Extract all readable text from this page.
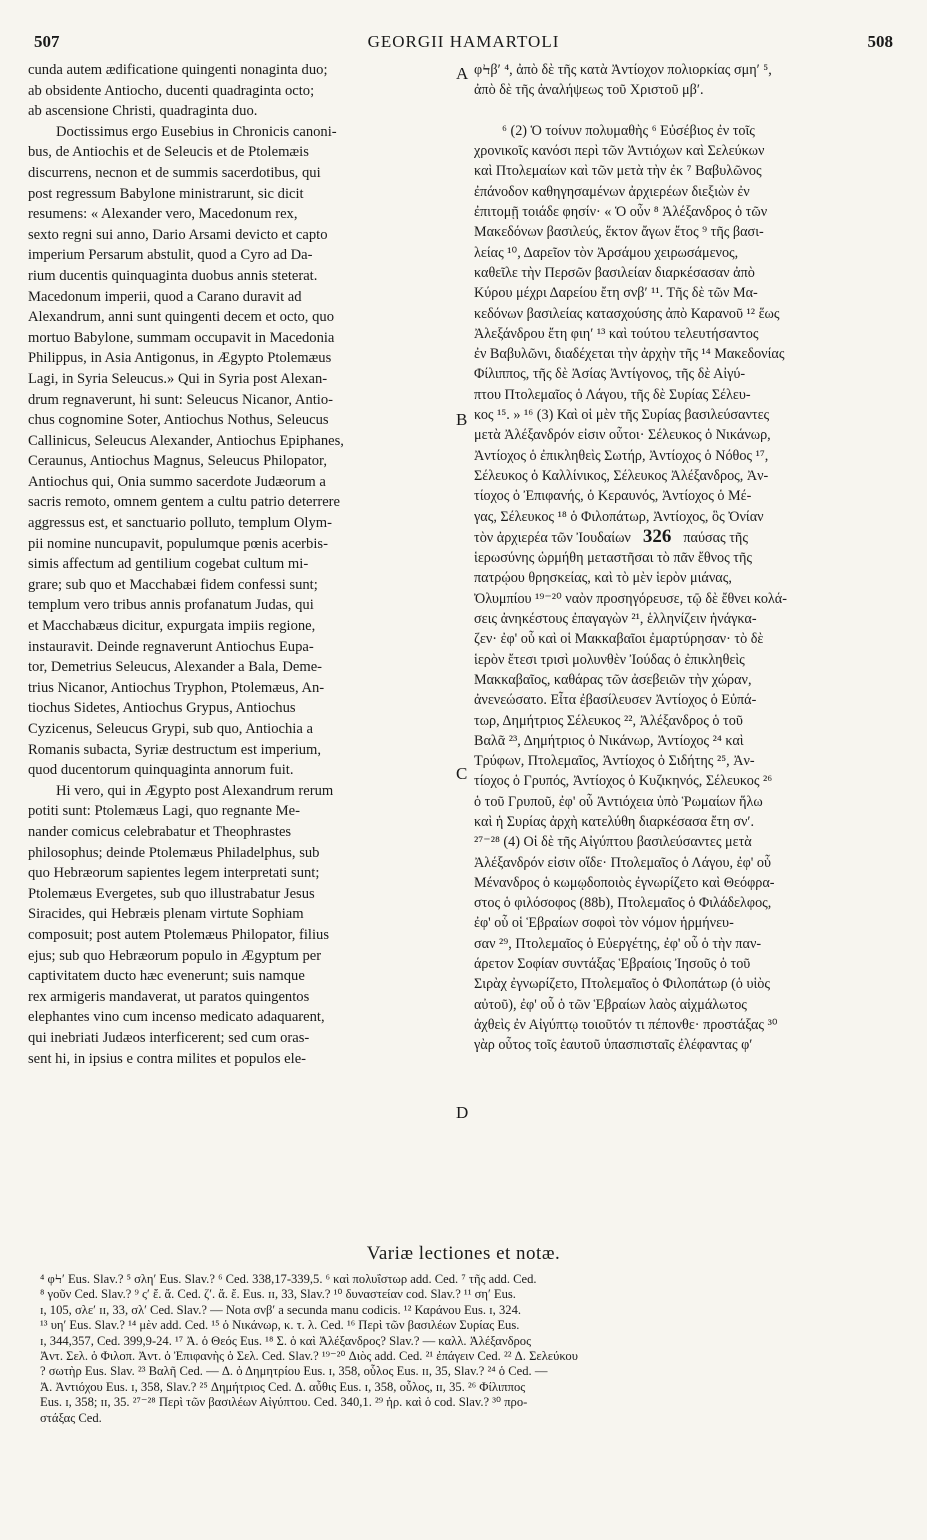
507	GEORGII HAMARTOLI	508
cunda autem ædificatione quingenti nonaginta duo;
ab obsidente Antiocho, ducenti quadraginta octo;
ab ascensione Christi, quadraginta duo.
Doctissimus ergo Eusebius in Chronicis canoni-
bus, de Antiochis et de Seleucis et de Ptolemæis
discurrens, necnon et de summis sacerdotibus, qui
post regressum Babylone ministrarunt, sic dicit
resumens: « Alexander vero, Macedonum rex,
sexto regni sui anno, Dario Arsami devicto et capto
imperium Persarum abstulit, quod a Cyro ad Da-
rium ducentis quinquaginta duobus annis steterat.
Macedonum imperii, quod a Carano duravit ad
Alexandrum, anni sunt quingenti decem et octo, quo
mortuo Babylone, summam occupavit in Macedonia
Philippus, in Asia Antigonus, in Ægypto Ptolemæus
Lagi, in Syria Seleucus.» Qui in Syria post Alexan-
drum regnaverunt, hi sunt: Seleucus Nicanor, Antio-
chus cognomine Soter, Antiochus Nothus, Seleucus
Callinicus, Seleucus Alexander, Antiochus Epiphanes,
Ceraunus, Antiochus Magnus, Seleucus Philopator,
Antiochus qui, Onia summo sacerdote Judæorum a
sacris remoto, omnem gentem a cultu patrio deterrere
aggressus est, et sanctuario polluto, templum Olym-
pii nomine nuncupavit, populumque pœnis acerbis-
simis affectum ad gentilium cogebat cultum mi-
grare; sub quo et Macchabæi fidem confessi sunt;
templum vero tribus annis profanatum Judas, qui
et Macchabæus dicitur, expurgata impiis regione,
instauravit. Deinde regnaverunt Antiochus Eupa-
tor, Demetrius Seleucus, Alexander a Bala, Deme-
trius Nicanor, Antiochus Tryphon, Ptolemæus, An-
tiochus Sidetes, Antiochus Grypus, Antiochus
Cyzicenus, Seleucus Grypi, sub quo, Antiochia a
Romanis subacta, Syriæ destructum est imperium,
quod ducentorum quinquaginta annorum fuit.
Hi vero, qui in Ægypto post Alexandrum rerum
potiti sunt: Ptolemæus Lagi, quo regnante Me-
nander comicus celebrabatur et Theophrastes
philosophus; deinde Ptolemæus Philadelphus, sub
quo Hebræorum sapientes legem interpretati sunt;
Ptolemæus Evergetes, sub quo illustrabatur Jesus
Siracides, qui Hebræis plenam virtute Sophiam
composuit; post autem Ptolemæus Philopator, filius
ejus; sub quo Hebræorum populo in Ægyptum per
captivitatem ducto hæc evenerunt; suis namque
rex armigeris mandaverat, ut paratos quingentos
elephantes vino cum incenso medicato adaquarent,
qui inebriati Judæos interficerent; sed cum oras-
sent hi, in ipsius e contra milites et populos ele-
φϞβʹ ⁴, ἀπὸ δὲ τῆς κατὰ Ἀντίοχον πολιορκίας σμηʹ ⁵,
ἀπὸ δὲ τῆς ἀναλήψεως τοῦ Χριστοῦ μβʹ.

⁶ (2) Ὁ τοίνυν πολυμαθὴς ⁶ Εὐσέβιος ἐν τοῖς
χρονικοῖς κανόσι περὶ τῶν Ἀντιόχων καὶ Σελεύκων
καὶ Πτολεμαίων καὶ τῶν μετὰ τὴν ἐκ ⁷ Βαβυλῶνος
ἐπάνοδον καθηγησαμένων ἀρχιερέων διεξιὼν ἐν
ἐπιτομῇ τοιάδε φησίν· « Ὁ οὖν ⁸ Ἀλέξανδρος ὁ τῶν
Μακεδόνων βασιλεύς, ἕκτον ἄγων ἔτος ⁹ τῆς βασι-
λείας ¹⁰, Δαρεῖον τὸν Ἀρσάμου χειρωσάμενος,
καθεῖλε τὴν Περσῶν βασιλείαν διαρκέσασαν ἀπὸ
Κύρου μέχρι Δαρείου ἔτη σνβʹ ¹¹. Τῆς δὲ τῶν Μα-
κεδόνων βασιλείας κατασχούσης ἀπὸ Καρανοῦ ¹² ἕως
Ἀλεξάνδρου ἔτη φιηʹ ¹³ καὶ τούτου τελευτήσαντος
ἐν Βαβυλῶνι, διαδέχεται τὴν ἀρχὴν τῆς ¹⁴ Μακεδονίας
Φίλιππος, τῆς δὲ Ἀσίας Ἀντίγονος, τῆς δὲ Αἰγύ-
πτου Πτολεμαῖος ὁ Λάγου, τῆς δὲ Συρίας Σέλευ-
κος ¹⁵. » ¹⁶ (3) Καὶ οἱ μὲν τῆς Συρίας βασιλεύσαντες
μετὰ Ἀλέξανδρόν εἰσιν οὗτοι· Σέλευκος ὁ Νικάνωρ,
Ἀντίοχος ὁ ἐπικληθεὶς Σωτήρ, Ἀντίοχος ὁ Νόθος ¹⁷,
Σέλευκος ὁ Καλλίνικος, Σέλευκος Ἀλέξανδρος, Ἀν-
τίοχος ὁ Ἐπιφανής, ὁ Κεραυνός, Ἀντίοχος ὁ Μέ-
γας, Σέλευκος ¹⁸ ὁ Φιλοπάτωρ, Ἀντίοχος, ὃς Ὀνίαν
τὸν ἀρχιερέα τῶν Ἰουδαίων 326 παύσας τῆς
ἱερωσύνης ὡρμήθη μεταστῆσαι τὸ πᾶν ἔθνος τῆς
πατρῴου θρησκείας, καὶ τὸ μὲν ἱερὸν μιάνας,
Ὀλυμπίου ¹⁹⁻²⁰ ναὸν προσηγόρευσε, τῷ δὲ ἔθνει κολά-
σεις ἀνηκέστους ἐπαγαγὼν ²¹, ἑλληνίζειν ἠνάγκα-
ζεν· ἐφ' οὗ καὶ οἱ Μακκαβαῖοι ἐμαρτύρησαν· τὸ δὲ
ἱερὸν ἔτεσι τρισὶ μολυνθὲν Ἰούδας ὁ ἐπικληθεὶς
Μακκαβαῖος, καθάρας τῶν ἀσεβειῶν τὴν χώραν,
ἀνενεώσατο. Εἶτα ἐβασίλευσεν Ἀντίοχος ὁ Εὐπά-
τωρ, Δημήτριος Σέλευκος ²², Ἀλέξανδρος ὁ τοῦ
Βαλᾶ ²³, Δημήτριος ὁ Νικάνωρ, Ἀντίοχος ²⁴ καὶ
Τρύφων, Πτολεμαῖος, Ἀντίοχος ὁ Σιδήτης ²⁵, Ἀν-
τίοχος ὁ Γρυπός, Ἀντίοχος ὁ Κυζικηνός, Σέλευκος ²⁶
ὁ τοῦ Γρυποῦ, ἐφ' οὗ Ἀντιόχεια ὑπὸ Ῥωμαίων ἥλω
καὶ ἡ Συρίας ἀρχὴ κατελύθη διαρκέσασα ἔτη σνʹ.
²⁷⁻²⁸ (4) Οἱ δὲ τῆς Αἰγύπτου βασιλεύσαντες μετὰ
Ἀλέξανδρόν εἰσιν οἵδε· Πτολεμαῖος ὁ Λάγου, ἐφ' οὗ
Μένανδρος ὁ κωμῳδοποιὸς ἐγνωρίζετο καὶ Θεόφρα-
στος ὁ φιλόσοφος (88b), Πτολεμαῖος ὁ Φιλάδελφος,
ἐφ' οὗ οἱ Ἑβραίων σοφοὶ τὸν νόμον ἡρμήνευ-
σαν ²⁹, Πτολεμαῖος ὁ Εὐεργέτης, ἐφ' οὗ ὁ τὴν παν-
άρετον Σοφίαν συντάξας Ἑβραίοις Ἰησοῦς ὁ τοῦ
Σιρὰχ ἐγνωρίζετο, Πτολεμαῖος ὁ Φιλοπάτωρ (ὁ υἱὸς
αὐτοῦ), ἐφ' οὗ ὁ τῶν Ἑβραίων λαὸς αἰχμάλωτος
ἀχθεὶς ἐν Αἰγύπτῳ τοιοῦτόν τι πέπονθε· προστάξας ³⁰
γὰρ οὗτος τοῖς ἑαυτοῦ ὑπασπισταῖς ἐλέφαντας φʹ
A
B
C
D
Variæ lectiones et notæ.
⁴ φϞʹ Eus. Slav.? ⁵ σληʹ Eus. Slav.? ⁶ Ced. 338,17-339,5. ⁶ καὶ πολυΐστωρ add. Ced. ⁷ τῆς add. Ced.
⁸ γοῦν Ced. Slav.? ⁹ ςʹ ἔ. ἄ. Ced. ζʹ. ἄ. ἔ. Eus. ɪɪ, 33, Slav.? ¹⁰ δυναστείαν cod. Slav.? ¹¹ σηʹ Eus.
ɪ, 105, σλεʹ ɪɪ, 33, σλʹ Ced. Slav.? — Nota σνβʹ a secunda manu codicis. ¹² Καράνου Eus. ɪ, 324.
¹³ υηʹ Eus. Slav.? ¹⁴ μὲν add. Ced. ¹⁵ ὁ Νικάνωρ, κ. τ. λ. Ced. ¹⁶ Περὶ τῶν βασιλέων Συρίας Eus.
ɪ, 344,357, Ced. 399,9-24. ¹⁷ Ἀ. ὁ Θεός Eus. ¹⁸ Σ. ὁ καὶ Ἀλέξανδρος? Slav.? — καλλ. Ἀλέξανδρος
Ἀντ. Σελ. ὁ Φιλοπ. Ἀντ. ὁ Ἐπιφανὴς ὁ Σελ. Ced. Slav.? ¹⁹⁻²⁰ Διὸς add. Ced. ²¹ ἐπάγειν Ced. ²² Δ. Σελεύκου
? σωτὴρ Eus. Slav. ²³ Βαλῆ Ced. — Δ. ὁ Δημητρίου Eus. ɪ, 358, οὗλος Eus. ɪɪ, 35, Slav.? ²⁴ ὁ Ced. —
Ἀ. Ἀντιόχου Eus. ɪ, 358, Slav.? ²⁵ Δημήτριος Ced. Δ. αὖθις Eus. ɪ, 358, οὗλος, ɪɪ, 35. ²⁶ Φίλιππος
Eus. ɪ, 358; ɪɪ, 35. ²⁷⁻²⁸ Περὶ τῶν βασιλέων Αἰγύπτου. Ced. 340,1. ²⁹ ἡρ. καὶ ὁ cod. Slav.? ³⁰ προ-
στάξας Ced.
